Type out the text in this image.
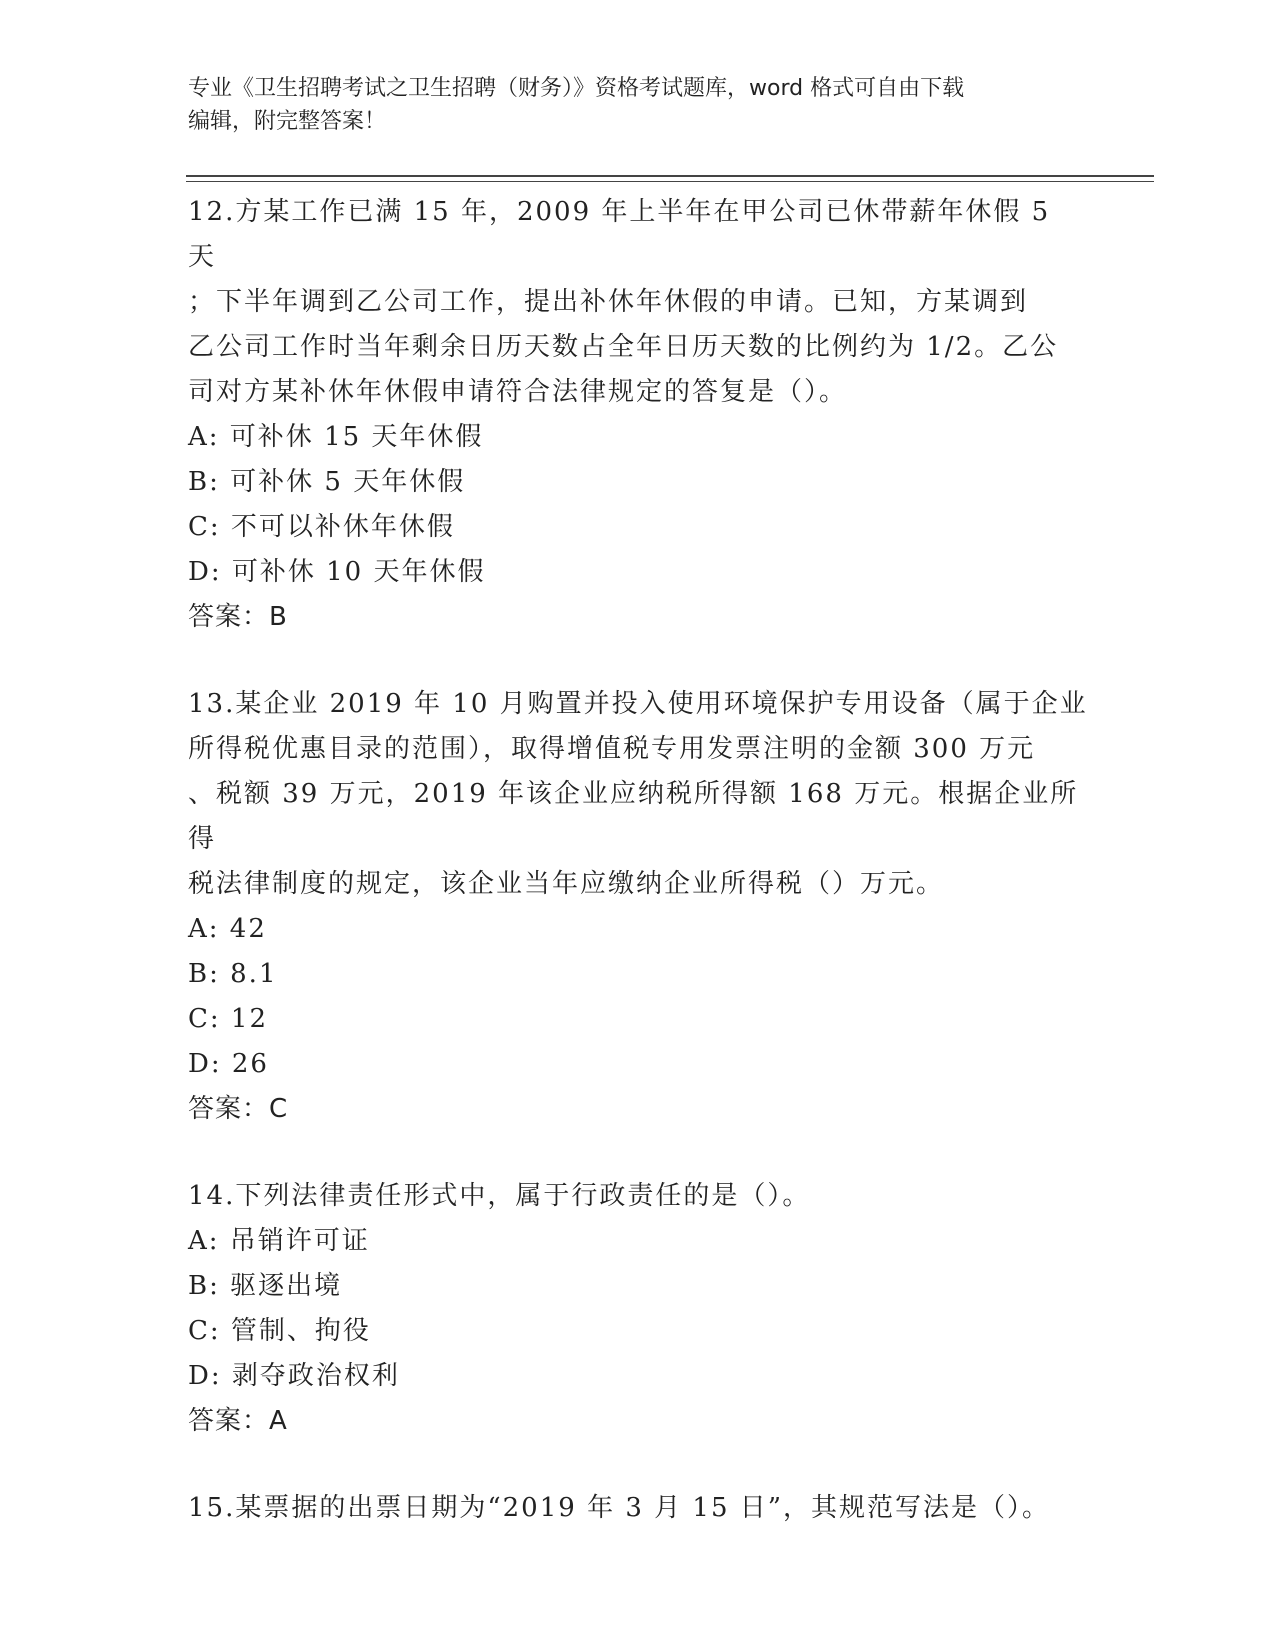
专业《卫生招聘考试之卫生招聘（财务）》资格考试题库，word 格式可自由下载
编辑，附完整答案！
12.方某工作已满 15 年，2009 年上半年在甲公司已休带薪年休假 5 天
；下半年调到乙公司工作，提出补休年休假的申请。已知，方某调到
乙公司工作时当年剩余日历天数占全年日历天数的比例约为 1/2。乙公
司对方某补休年休假申请符合法律规定的答复是（）。
A: 可补休 15 天年休假
B: 可补休 5 天年休假
C: 不可以补休年休假
D: 可补休 10 天年休假
答案：B
13.某企业 2019 年 10 月购置并投入使用环境保护专用设备（属于企业
所得税优惠目录的范围），取得增值税专用发票注明的金额 300 万元
、税额 39 万元，2019 年该企业应纳税所得额 168 万元。根据企业所得
税法律制度的规定，该企业当年应缴纳企业所得税（）万元。
A: 42
B: 8.1
C: 12
D: 26
答案：C
14.下列法律责任形式中，属于行政责任的是（）。
A: 吊销许可证
B: 驱逐出境
C: 管制、拘役
D: 剥夺政治权利
答案：A
15.某票据的出票日期为“2019 年 3 月 15 日”，其规范写法是（）。
